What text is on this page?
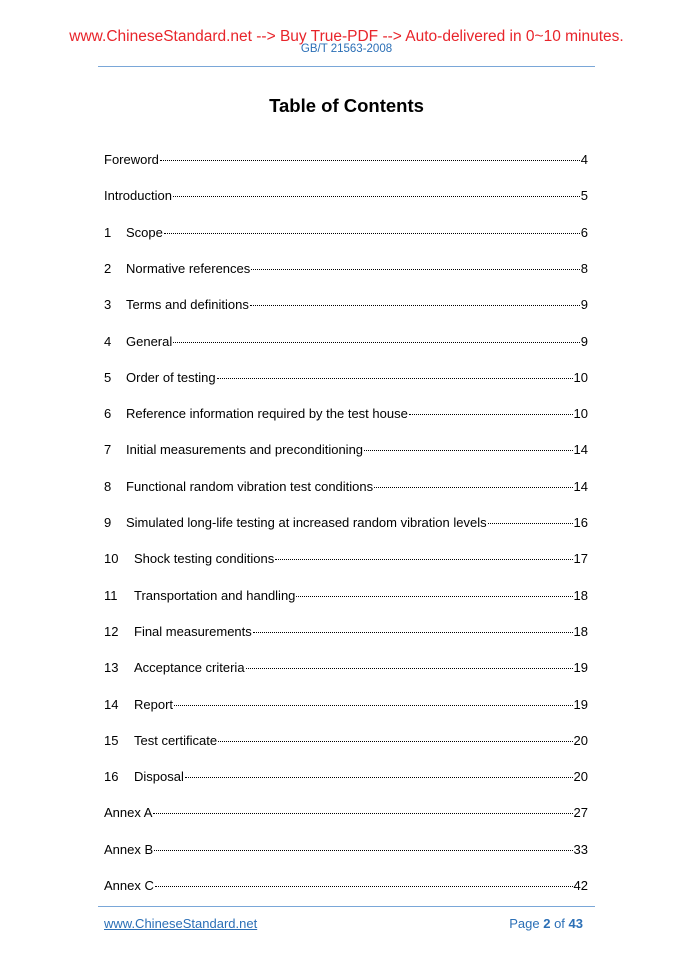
www.ChineseStandard.net --> Buy True-PDF --> Auto-delivered in 0~10 minutes.
GB/T 21563-2008
Table of Contents
Foreword	4
Introduction	5
1	Scope	6
2	Normative references	8
3	Terms and definitions	9
4	General	9
5	Order of testing	10
6	Reference information required by the test house	10
7	Initial measurements and preconditioning	14
8	Functional random vibration test conditions	14
9	Simulated long-life testing at increased random vibration levels	16
10	Shock testing conditions	17
11	Transportation and handling	18
12	Final measurements	18
13	Acceptance criteria	19
14	Report	19
15	Test certificate	20
16	Disposal	20
Annex A	27
Annex B	33
Annex C	42
www.ChineseStandard.net	Page 2 of 43
